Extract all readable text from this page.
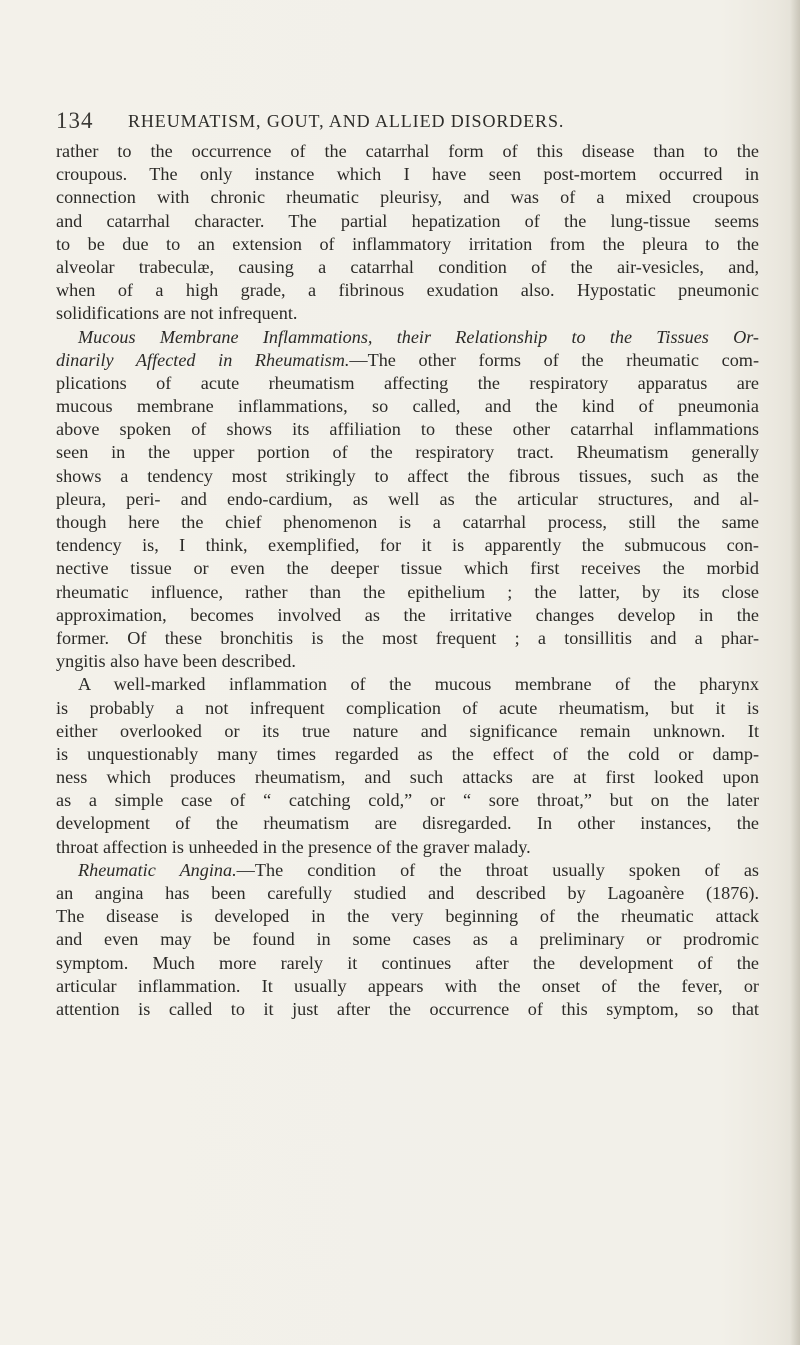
134 RHEUMATISM, GOUT, AND ALLIED DISORDERS.
rather to the occurrence of the catarrhal form of this disease than to the
croupous. The only instance which I have seen post-mortem occurred in
connection with chronic rheumatic pleurisy, and was of a mixed croupous
and catarrhal character. The partial hepatization of the lung-tissue seems
to be due to an extension of inflammatory irritation from the pleura to the
alveolar trabeculæ, causing a catarrhal condition of the air-vesicles, and,
when of a high grade, a fibrinous exudation also. Hypostatic pneumonic
solidifications are not infrequent.
Mucous Membrane Inflammations, their Relationship to the Tissues Or-
dinarily Affected in Rheumatism.—The other forms of the rheumatic com-
plications of acute rheumatism affecting the respiratory apparatus are
mucous membrane inflammations, so called, and the kind of pneumonia
above spoken of shows its affiliation to these other catarrhal inflammations
seen in the upper portion of the respiratory tract. Rheumatism generally
shows a tendency most strikingly to affect the fibrous tissues, such as the
pleura, peri- and endo-cardium, as well as the articular structures, and al-
though here the chief phenomenon is a catarrhal process, still the same
tendency is, I think, exemplified, for it is apparently the submucous con-
nective tissue or even the deeper tissue which first receives the morbid
rheumatic influence, rather than the epithelium ; the latter, by its close
approximation, becomes involved as the irritative changes develop in the
former. Of these bronchitis is the most frequent ; a tonsillitis and a phar-
yngitis also have been described.
A well-marked inflammation of the mucous membrane of the pharynx
is probably a not infrequent complication of acute rheumatism, but it is
either overlooked or its true nature and significance remain unknown. It
is unquestionably many times regarded as the effect of the cold or damp-
ness which produces rheumatism, and such attacks are at first looked upon
as a simple case of “ catching cold,” or “ sore throat,” but on the later
development of the rheumatism are disregarded. In other instances, the
throat affection is unheeded in the presence of the graver malady.
Rheumatic Angina.—The condition of the throat usually spoken of as
an angina has been carefully studied and described by Lagoanère (1876).
The disease is developed in the very beginning of the rheumatic attack
and even may be found in some cases as a preliminary or prodromic
symptom. Much more rarely it continues after the development of the
articular inflammation. It usually appears with the onset of the fever, or
attention is called to it just after the occurrence of this symptom, so that
